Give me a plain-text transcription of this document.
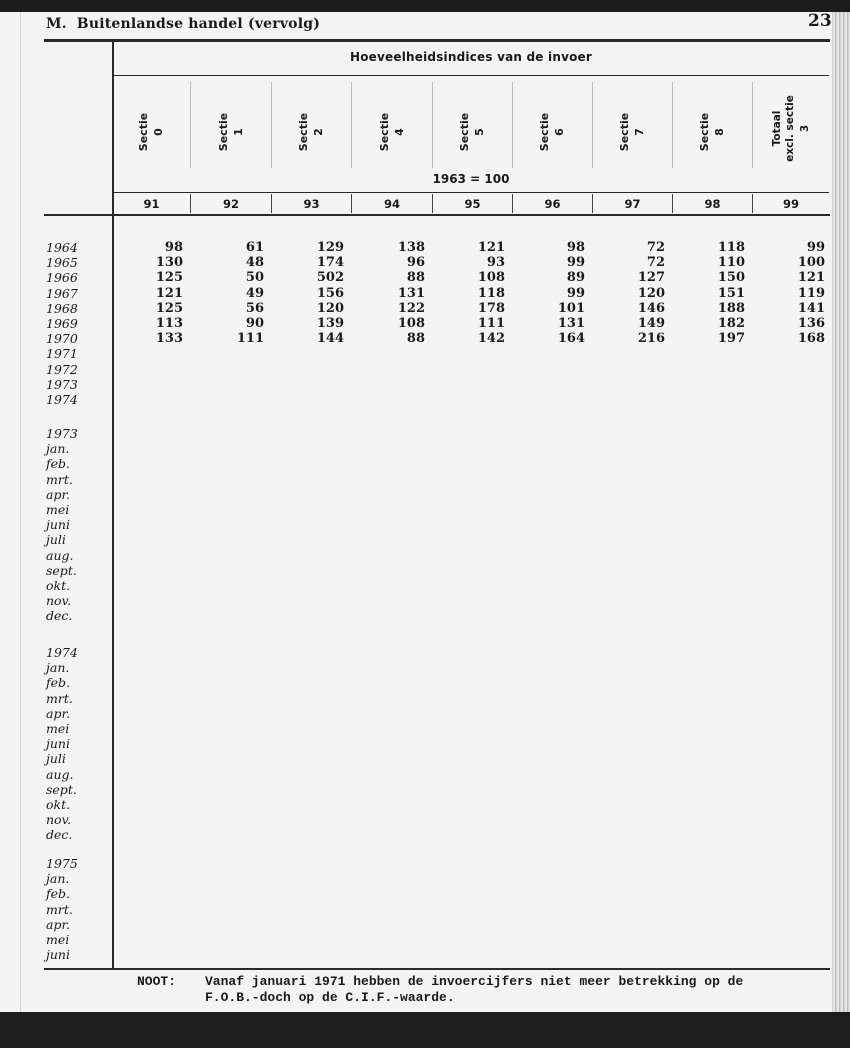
M. Buitenlandse handel (vervolg)	23
Hoeveelheidsindices van de invoer
Sectie 0	Sectie 1	Sectie 2	Sectie 4	Sectie 5	Sectie 6	Sectie 7	Sectie 8	Totaal excl. sectie 3
1963 = 100
91	92	93	94	95	96	97	98	99
1964	98	61	129	138	121	98	72	118	99
1965	130	48	174	96	93	99	72	110	100
1966	125	50	502	88	108	89	127	150	121
1967	121	49	156	131	118	99	120	151	119
1968	125	56	120	122	178	101	146	188	141
1969	113	90	139	108	111	131	149	182	136
1970	133	111	144	88	142	164	216	197	168
1971
1972
1973
1974
1973
jan.
feb.
mrt.
apr.
mei
juni
juli
aug.
sept.
okt.
nov.
dec.
1974
jan.
feb.
mrt.
apr.
mei
juni
juli
aug.
sept.
okt.
nov.
dec.
1975
jan.
feb.
mrt.
apr.
mei
juni
NOOT: Vanaf januari 1971 hebben de invoercijfers niet meer betrekking op de
F.O.B.-doch op de C.I.F.-waarde.
